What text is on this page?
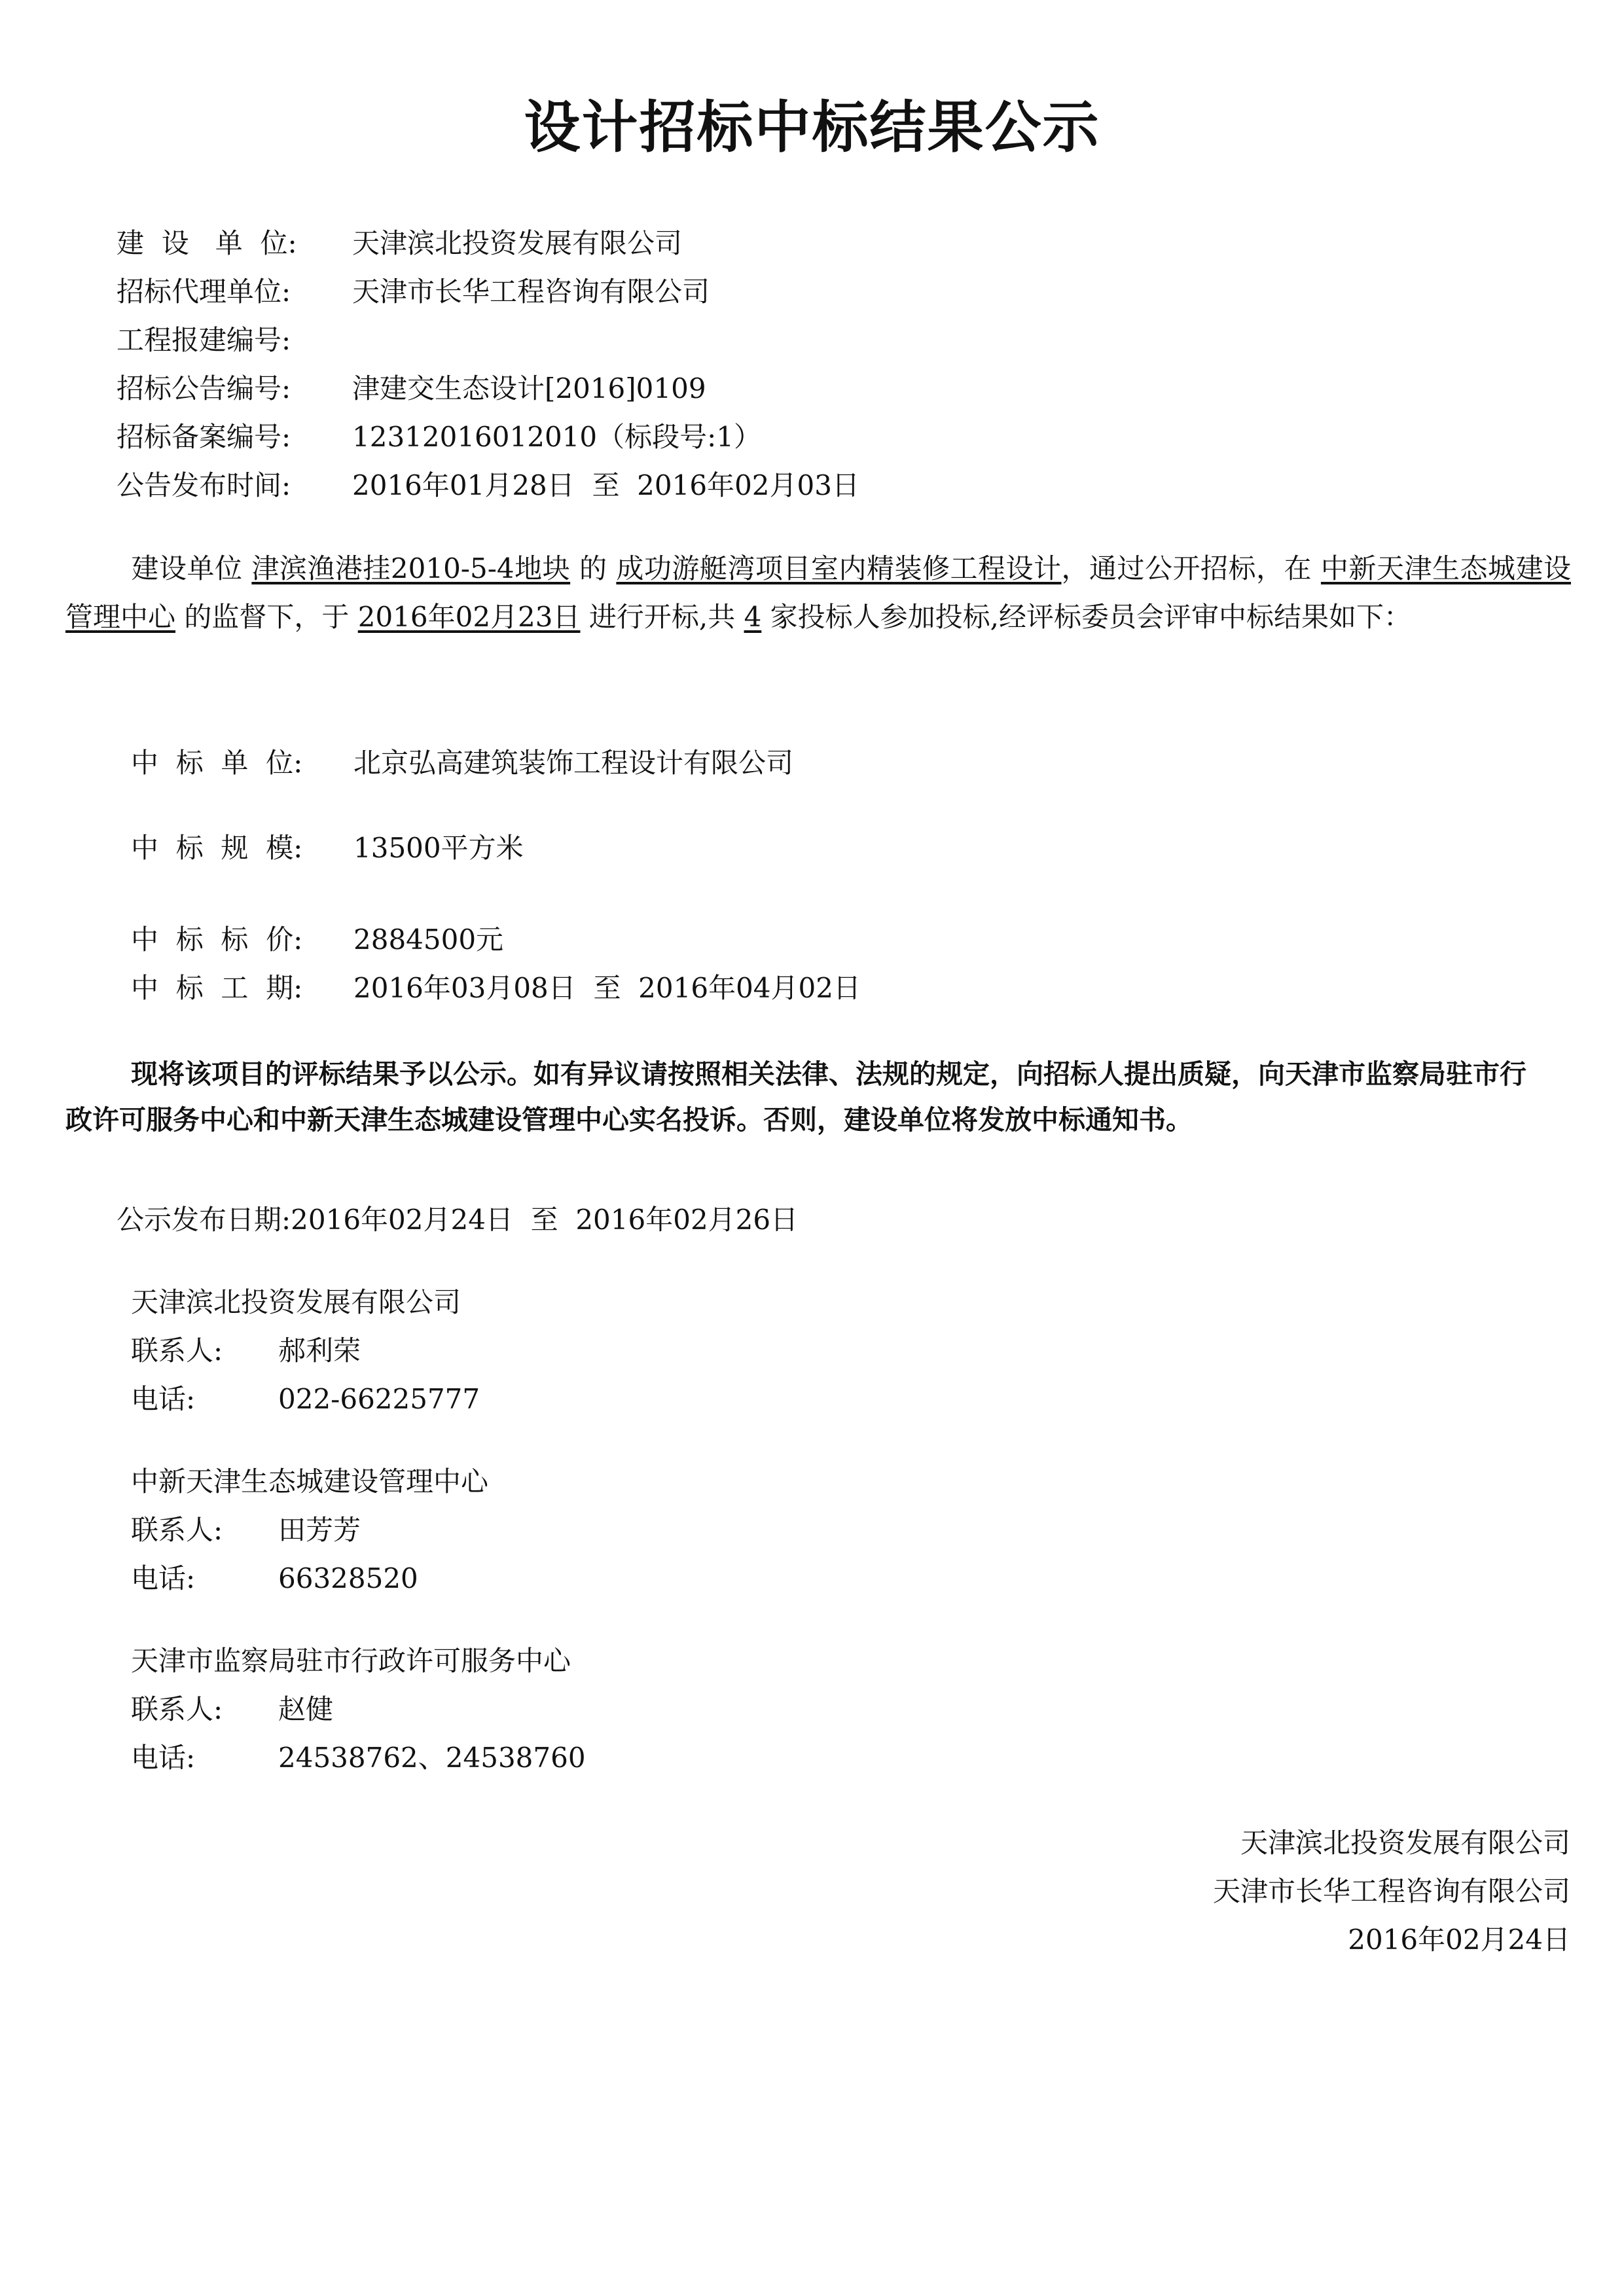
设计招标中标结果公示
建  设   单  位: 天津滨北投资发展有限公司
招标代理单位: 天津市长华工程咨询有限公司
工程报建编号:
招标公告编号: 津建交生态设计[2016]0109
招标备案编号: 12312016012010（标段号:1）
公告发布时间: 2016年01月28日  至  2016年02月03日
建设单位 津滨渔港挂2010-5-4地块 的 成功游艇湾项目室内精装修工程设计，通过公开招标，在 中新天津生态城建设管理中心 的监督下，于 2016年02月23日 进行开标,共 4 家投标人参加投标,经评标委员会评审中标结果如下：
中  标  单  位: 北京弘高建筑装饰工程设计有限公司
中  标  规  模: 13500平方米
中  标  标  价: 2884500元
中  标  工  期: 2016年03月08日  至  2016年04月02日
现将该项目的评标结果予以公示。如有异议请按照相关法律、法规的规定，向招标人提出质疑，向天津市监察局驻市行政许可服务中心和中新天津生态城建设管理中心实名投诉。否则，建设单位将发放中标通知书。
公示发布日期:2016年02月24日  至  2016年02月26日
天津滨北投资发展有限公司
联系人: 郝利荣
电话:	022-66225777
中新天津生态城建设管理中心
联系人: 田芳芳
电话:	66328520
天津市监察局驻市行政许可服务中心
联系人: 赵健
电话:	24538762、24538760
天津滨北投资发展有限公司
天津市长华工程咨询有限公司
2016年02月24日
